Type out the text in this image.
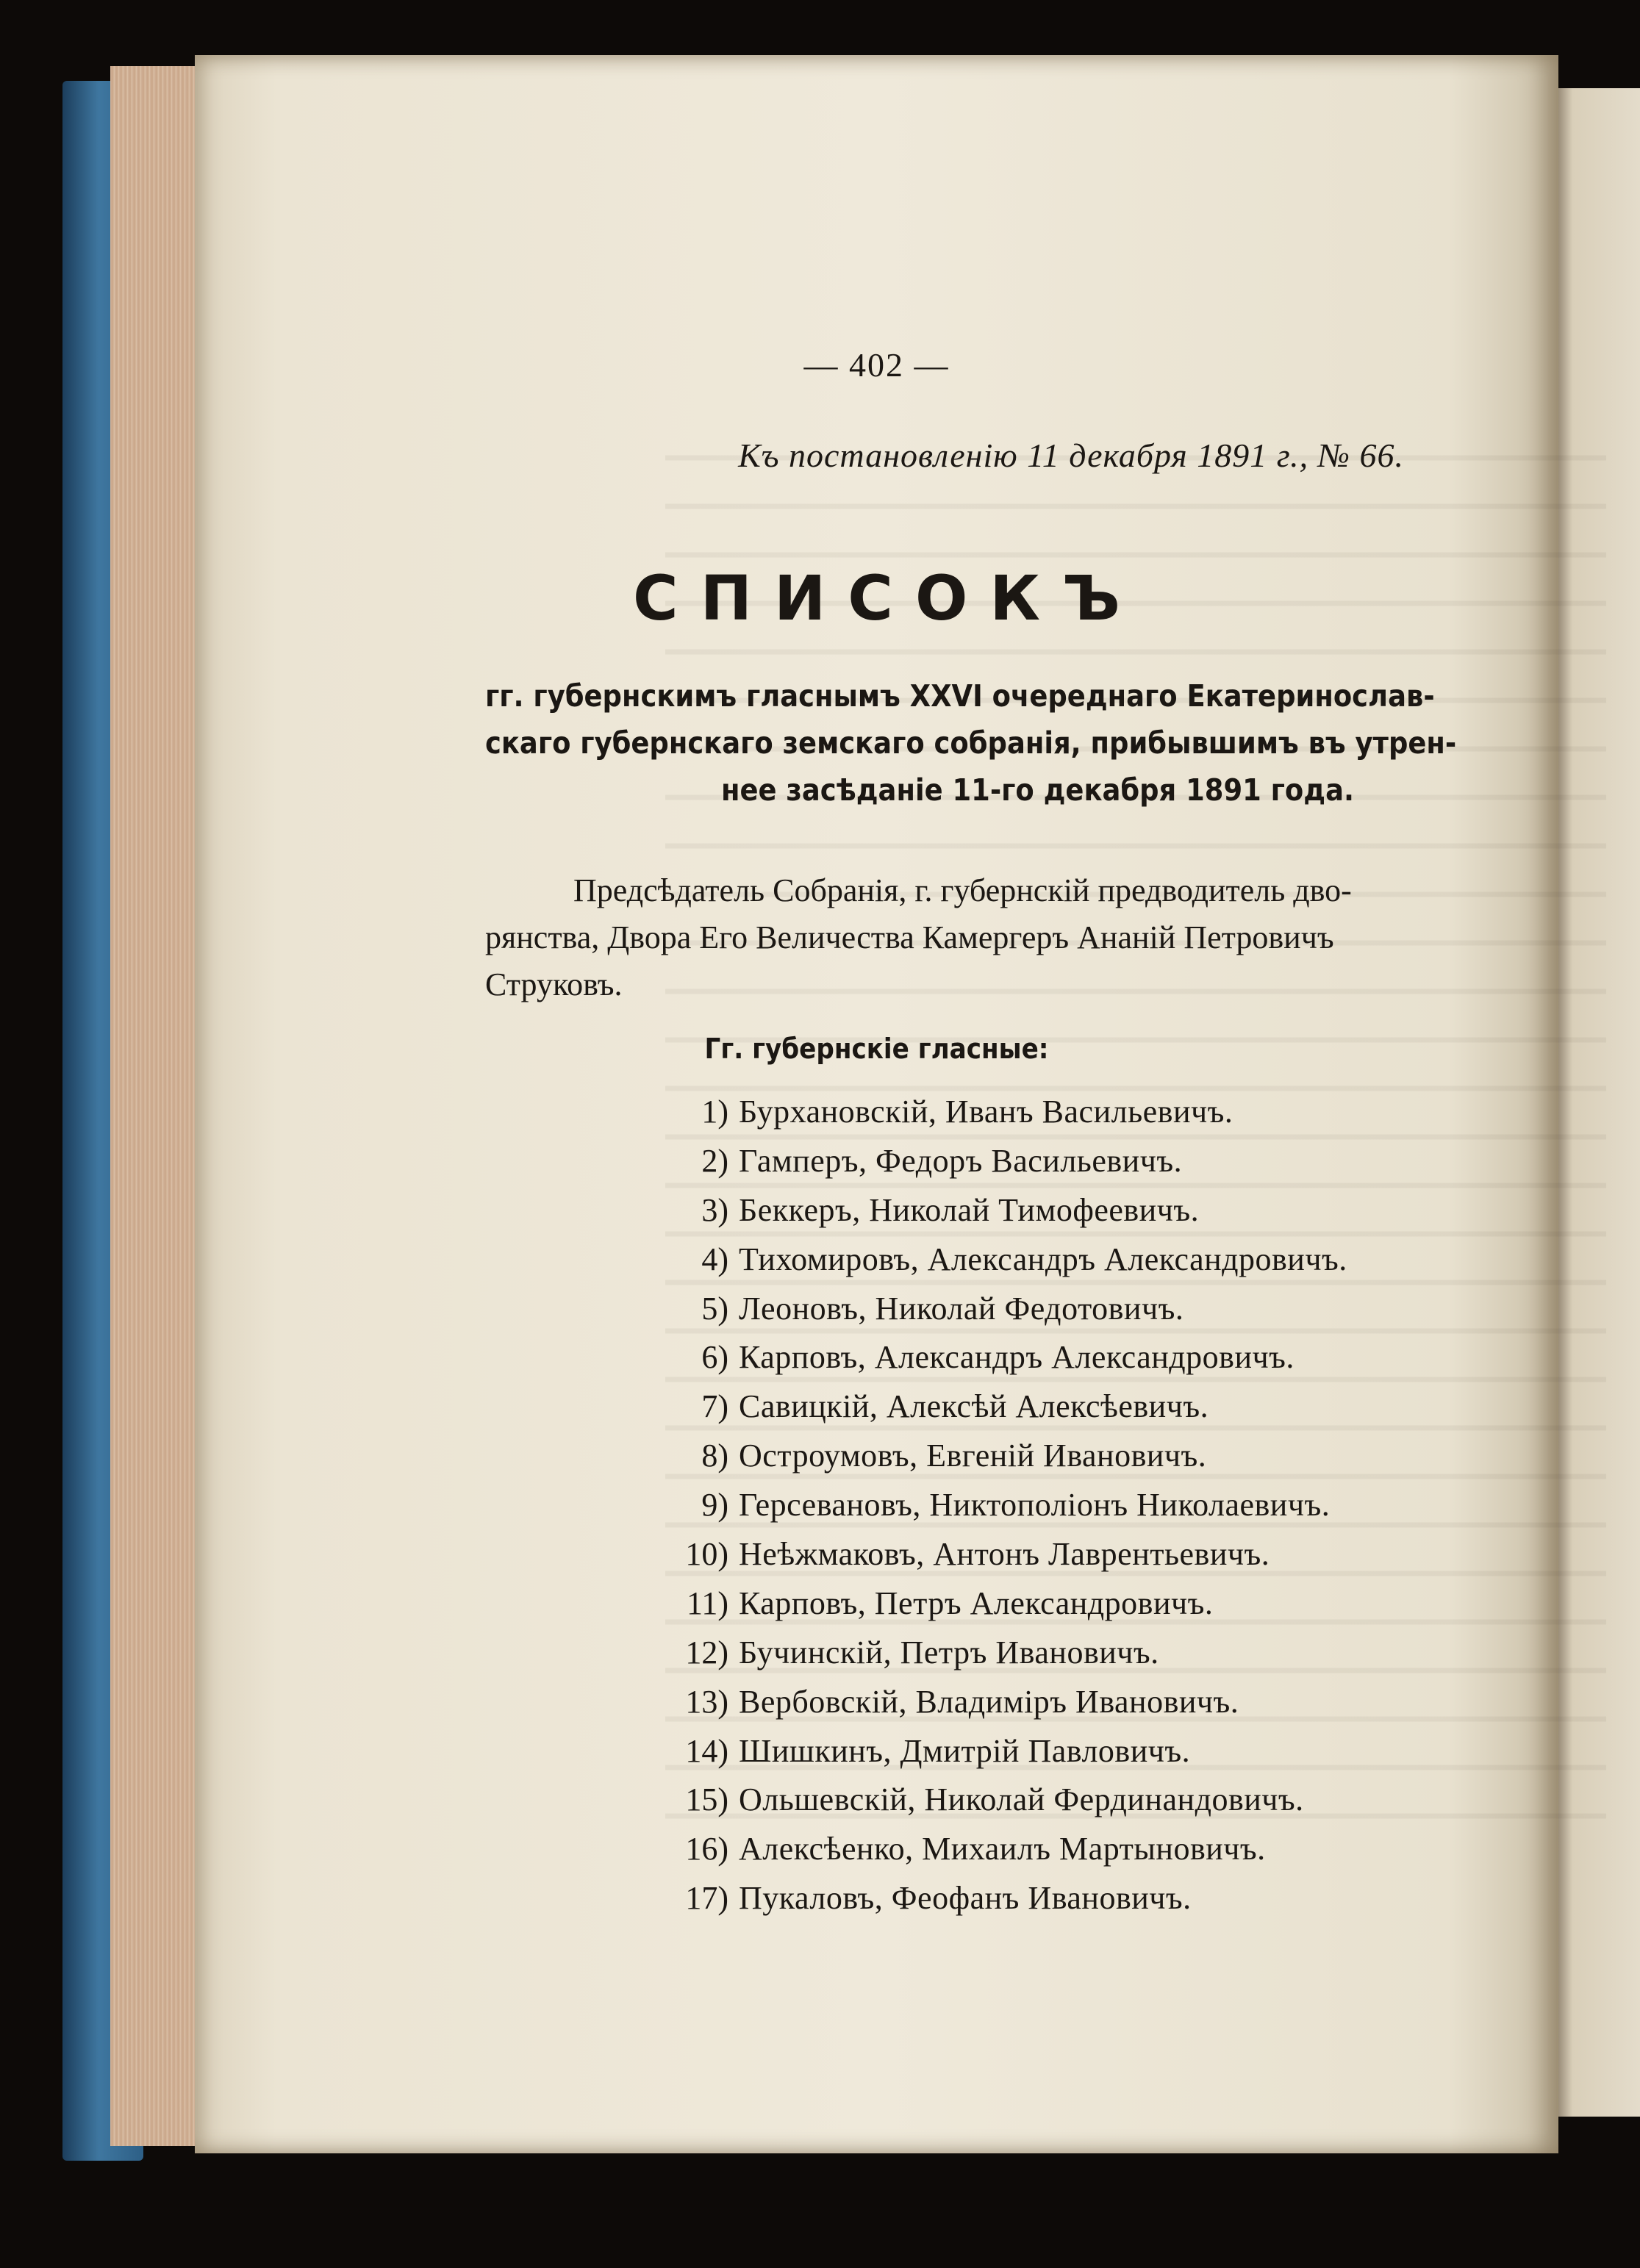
— 402 —
Къ постановленію 11 декабря 1891 г., № 66.
СПИСОКЪ
гг. губернскимъ гласнымъ XXVI очереднаго Екатеринослав-
скаго губернскаго земскаго собранія, прибывшимъ въ утрен-
нее засѣданіе 11-го декабря 1891 года.
Предсѣдатель Собранія, г. губернскій предводитель дво-
рянства, Двора Его Величества Камергеръ Ананій Петровичъ
Струковъ.
Гг. губернскіе гласные:
1) Бурхановскій, Иванъ Васильевичъ.
2) Гамперъ, Федоръ Васильевичъ.
3) Беккеръ, Николай Тимофеевичъ.
4) Тихомировъ, Александръ Александровичъ.
5) Леоновъ, Николай Федотовичъ.
6) Карповъ, Александръ Александровичъ.
7) Савицкій, Алексѣй Алексѣевичъ.
8) Остроумовъ, Евгеній Ивановичъ.
9) Герсевановъ, Никтополіонъ Николаевичъ.
10) Неѣжмаковъ, Антонъ Лаврентьевичъ.
11) Карповъ, Петръ Александровичъ.
12) Бучинскій, Петръ Ивановичъ.
13) Вербовскій, Владиміръ Ивановичъ.
14) Шишкинъ, Дмитрій Павловичъ.
15) Ольшевскій, Николай Фердинандовичъ.
16) Алексѣенко, Михаилъ Мартыновичъ.
17) Пукаловъ, Феофанъ Ивановичъ.
